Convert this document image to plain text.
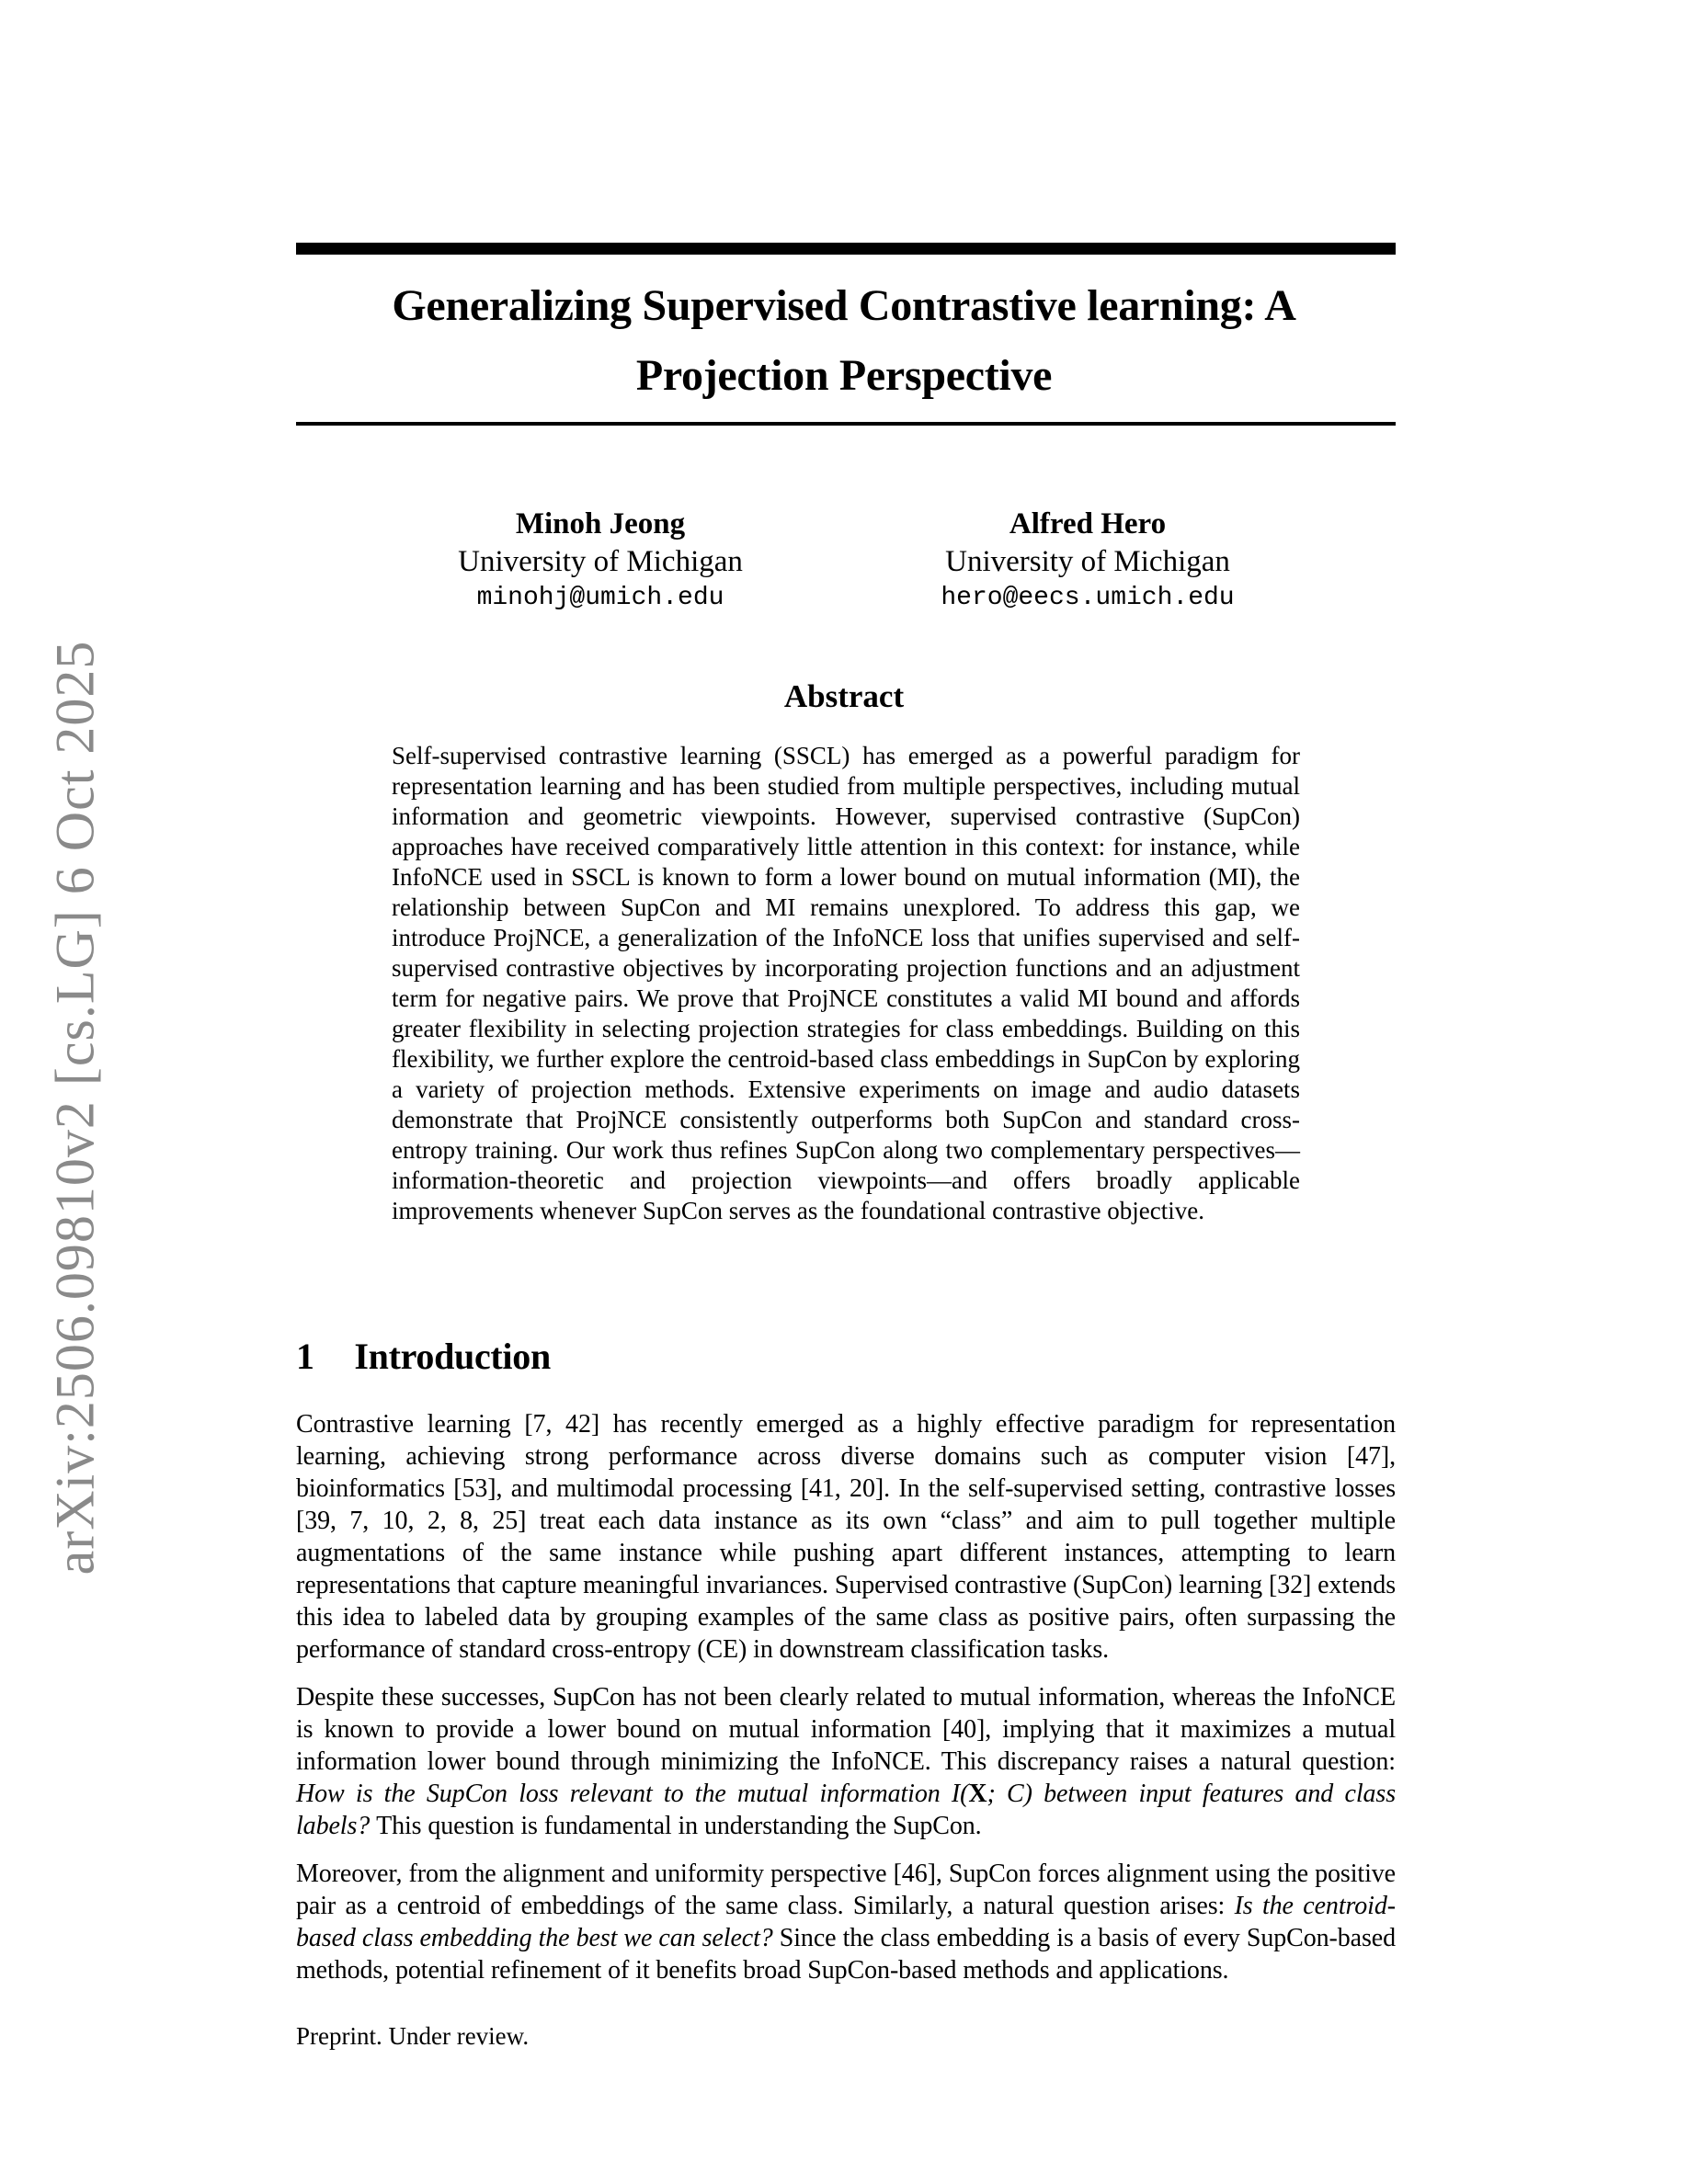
arXiv:2506.09810v2 [cs.LG] 6 Oct 2025
Generalizing Supervised Contrastive learning: A
Projection Perspective
Minoh Jeong
University of Michigan
minohj@umich.edu
Alfred Hero
University of Michigan
hero@eecs.umich.edu
Abstract
Self-supervised contrastive learning (SSCL) has emerged as a powerful paradigm for representation learning and has been studied from multiple perspectives, including mutual information and geometric viewpoints. However, supervised contrastive (SupCon) approaches have received comparatively little attention in this context: for instance, while InfoNCE used in SSCL is known to form a lower bound on mutual information (MI), the relationship between SupCon and MI remains unexplored. To address this gap, we introduce ProjNCE, a generalization of the InfoNCE loss that unifies supervised and self-supervised contrastive objectives by incorporating projection functions and an adjustment term for negative pairs. We prove that ProjNCE constitutes a valid MI bound and affords greater flexibility in selecting projection strategies for class embeddings. Building on this flexibility, we further explore the centroid-based class embeddings in SupCon by exploring a variety of projection methods. Extensive experiments on image and audio datasets demonstrate that ProjNCE consistently outperforms both SupCon and standard cross-entropy training. Our work thus refines SupCon along two complementary perspectives—information-theoretic and projection viewpoints—and offers broadly applicable improvements whenever SupCon serves as the foundational contrastive objective.
1 Introduction

Contrastive learning [7, 42] has recently emerged as a highly effective paradigm for representation learning, achieving strong performance across diverse domains such as computer vision [47], bioinformatics [53], and multimodal processing [41, 20]. In the self-supervised setting, contrastive losses [39, 7, 10, 2, 8, 25] treat each data instance as its own “class” and aim to pull together multiple augmentations of the same instance while pushing apart different instances, attempting to learn representations that capture meaningful invariances. Supervised contrastive (SupCon) learning [32] extends this idea to labeled data by grouping examples of the same class as positive pairs, often surpassing the performance of standard cross-entropy (CE) in downstream classification tasks.

Despite these successes, SupCon has not been clearly related to mutual information, whereas the InfoNCE is known to provide a lower bound on mutual information [40], implying that it maximizes a mutual information lower bound through minimizing the InfoNCE. This discrepancy raises a natural question: How is the SupCon loss relevant to the mutual information I(X; C) between input features and class labels? This question is fundamental in understanding the SupCon.

Moreover, from the alignment and uniformity perspective [46], SupCon forces alignment using the positive pair as a centroid of embeddings of the same class. Similarly, a natural question arises: Is the centroid-based class embedding the best we can select? Since the class embedding is a basis of every SupCon-based methods, potential refinement of it benefits broad SupCon-based methods and applications.

Preprint. Under review.
